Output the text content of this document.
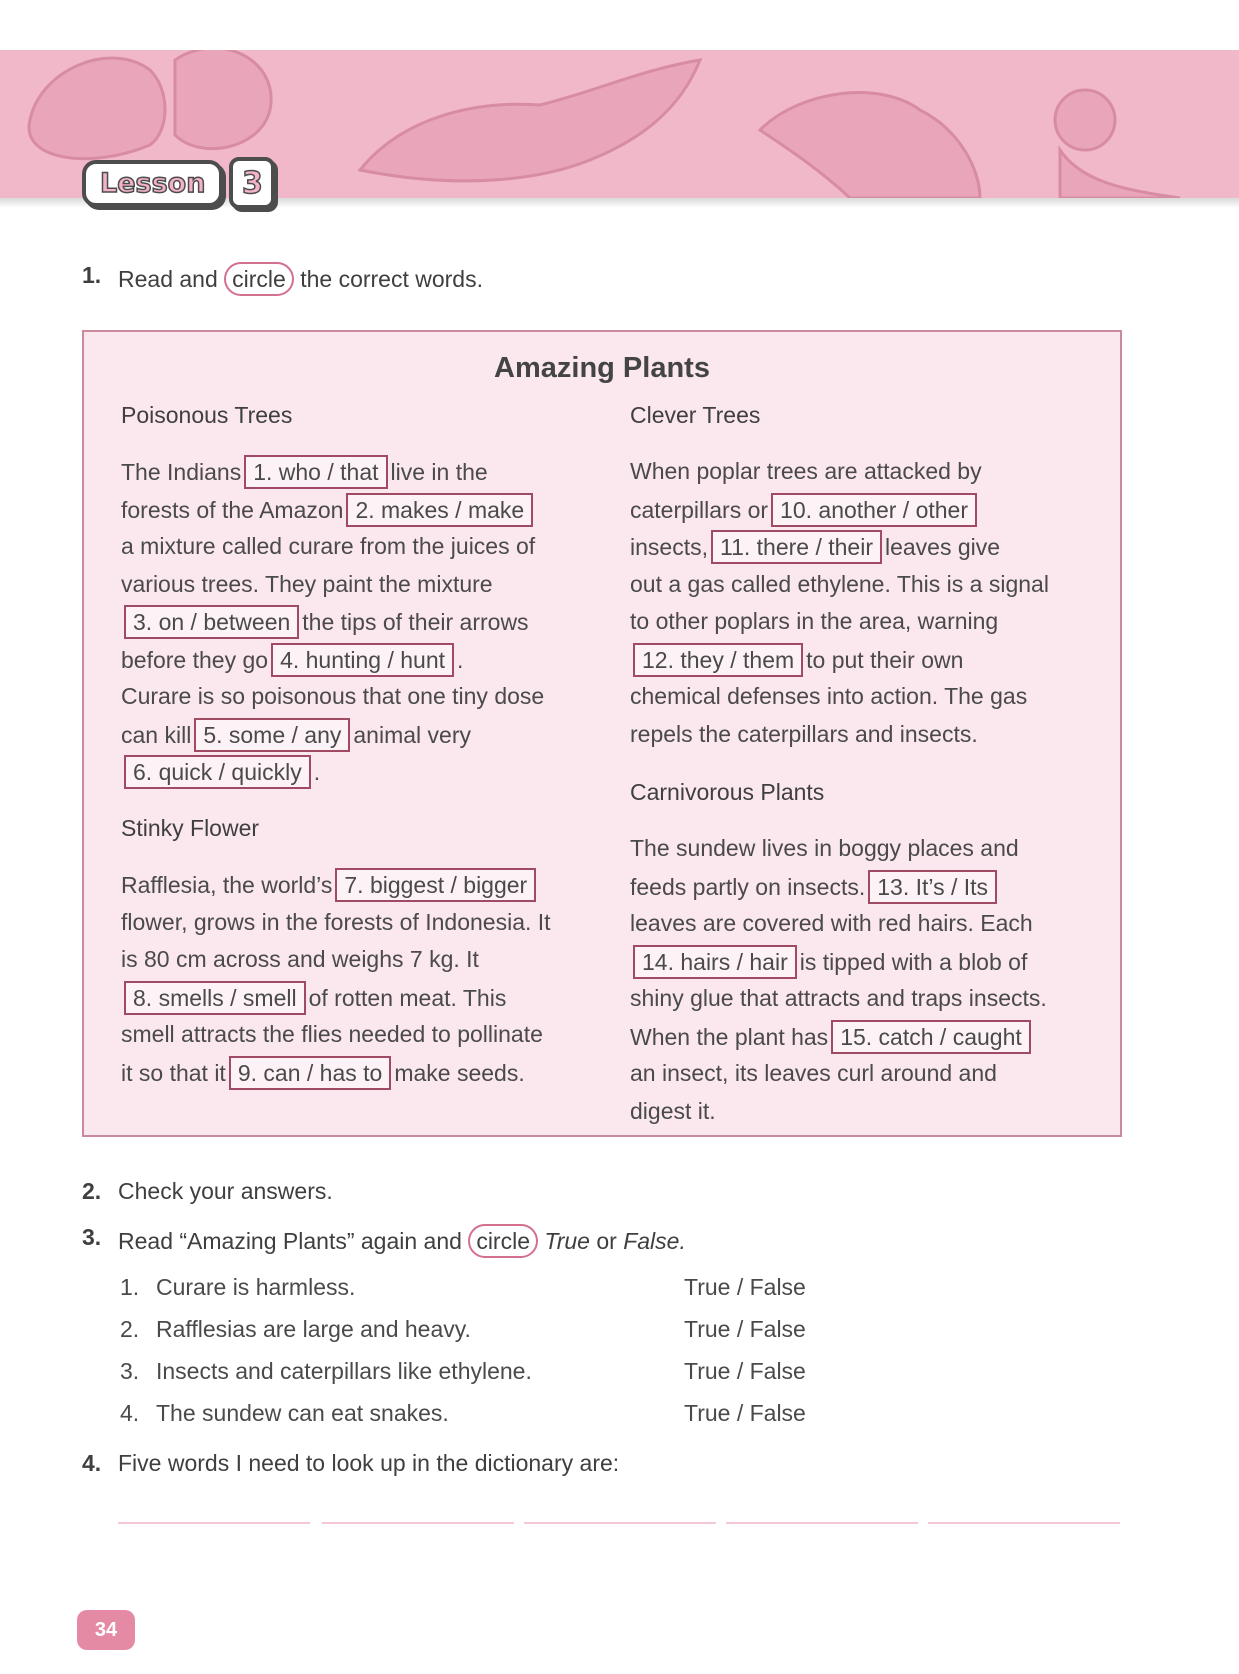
Lesson	3
1. Read and circle the correct words.
Amazing Plants
Poisonous Trees
The Indians 1. who / that live in the
forests of the Amazon 2. makes / make
a mixture called curare from the juices of
various trees. They paint the mixture
3. on / between the tips of their arrows
before they go 4. hunting / hunt .
Curare is so poisonous that one tiny dose
can kill 5. some / any animal very
6. quick / quickly .
Stinky Flower
Rafflesia, the world’s 7. biggest / bigger
flower, grows in the forests of Indonesia. It
is 80 cm across and weighs 7 kg. It
8. smells / smell of rotten meat. This
smell attracts the flies needed to pollinate
it so that it 9. can / has to make seeds.
Clever Trees
When poplar trees are attacked by
caterpillars or 10. another / other
insects, 11. there / their leaves give
out a gas called ethylene. This is a signal
to other poplars in the area, warning
12. they / them to put their own
chemical defenses into action. The gas
repels the caterpillars and insects.
Carnivorous Plants
The sundew lives in boggy places and
feeds partly on insects. 13. It’s / Its
leaves are covered with red hairs. Each
14. hairs / hair is tipped with a blob of
shiny glue that attracts and traps insects.
When the plant has 15. catch / caught
an insect, its leaves curl around and
digest it.
2. Check your answers.
3. Read “Amazing Plants” again and circle True or False.
1. Curare is harmless.	True / False
2. Rafflesias are large and heavy.	True / False
3. Insects and caterpillars like ethylene.	True / False
4. The sundew can eat snakes.	True / False
4. Five words I need to look up in the dictionary are:
34
